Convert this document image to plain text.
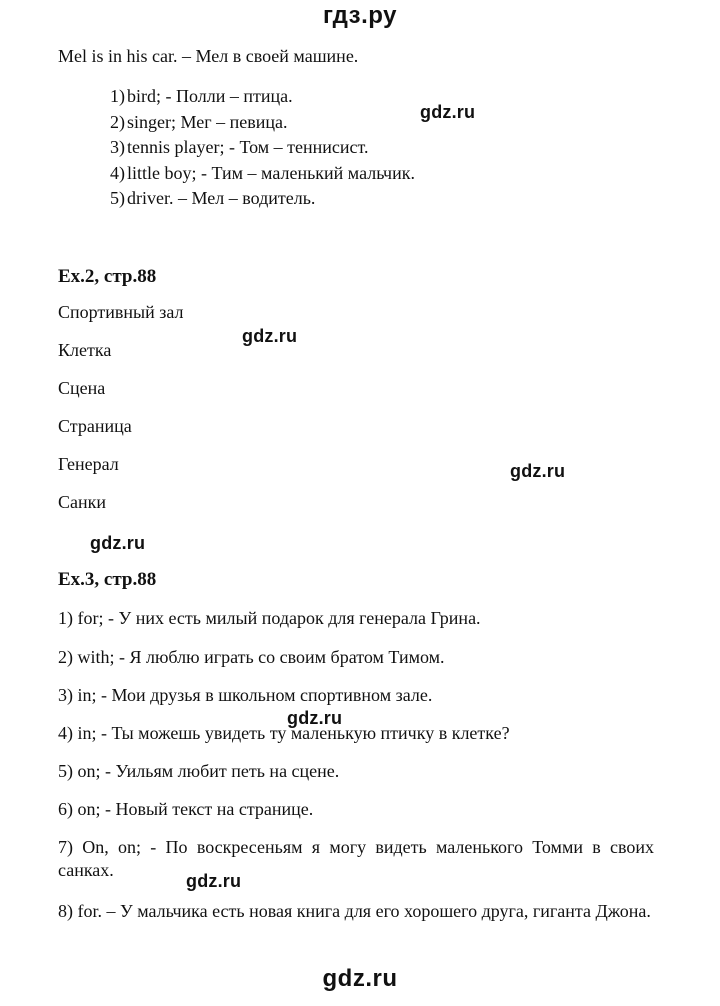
гдз.ру
Mel is in his car. – Мел в своей машине.
1) bird; - Полли – птица.
2) singer; Мег – певица.
3) tennis player; - Том – теннисист.
4) little boy; - Тим – маленький мальчик.
5) driver. – Мел – водитель.
gdz.ru
Ex.2, стр.88
Спортивный зал
Клетка
Сцена
Страница
Генерал
Санки
gdz.ru
gdz.ru
gdz.ru
Ex.3, стр.88
1) for; - У них есть милый подарок для генерала Грина.
2) with; - Я люблю играть со своим братом Тимом.
3) in; - Мои друзья в школьном спортивном зале.
4) in; - Ты можешь увидеть ту маленькую птичку в клетке?
5) on; - Уильям любит петь на сцене.
6) on; - Новый текст на странице.
7) On, on; - По воскресеньям я могу видеть маленького Томми в своих санках.
8) for. – У мальчика есть новая книга для его хорошего друга, гиганта Джона.
gdz.ru
gdz.ru
gdz.ru
